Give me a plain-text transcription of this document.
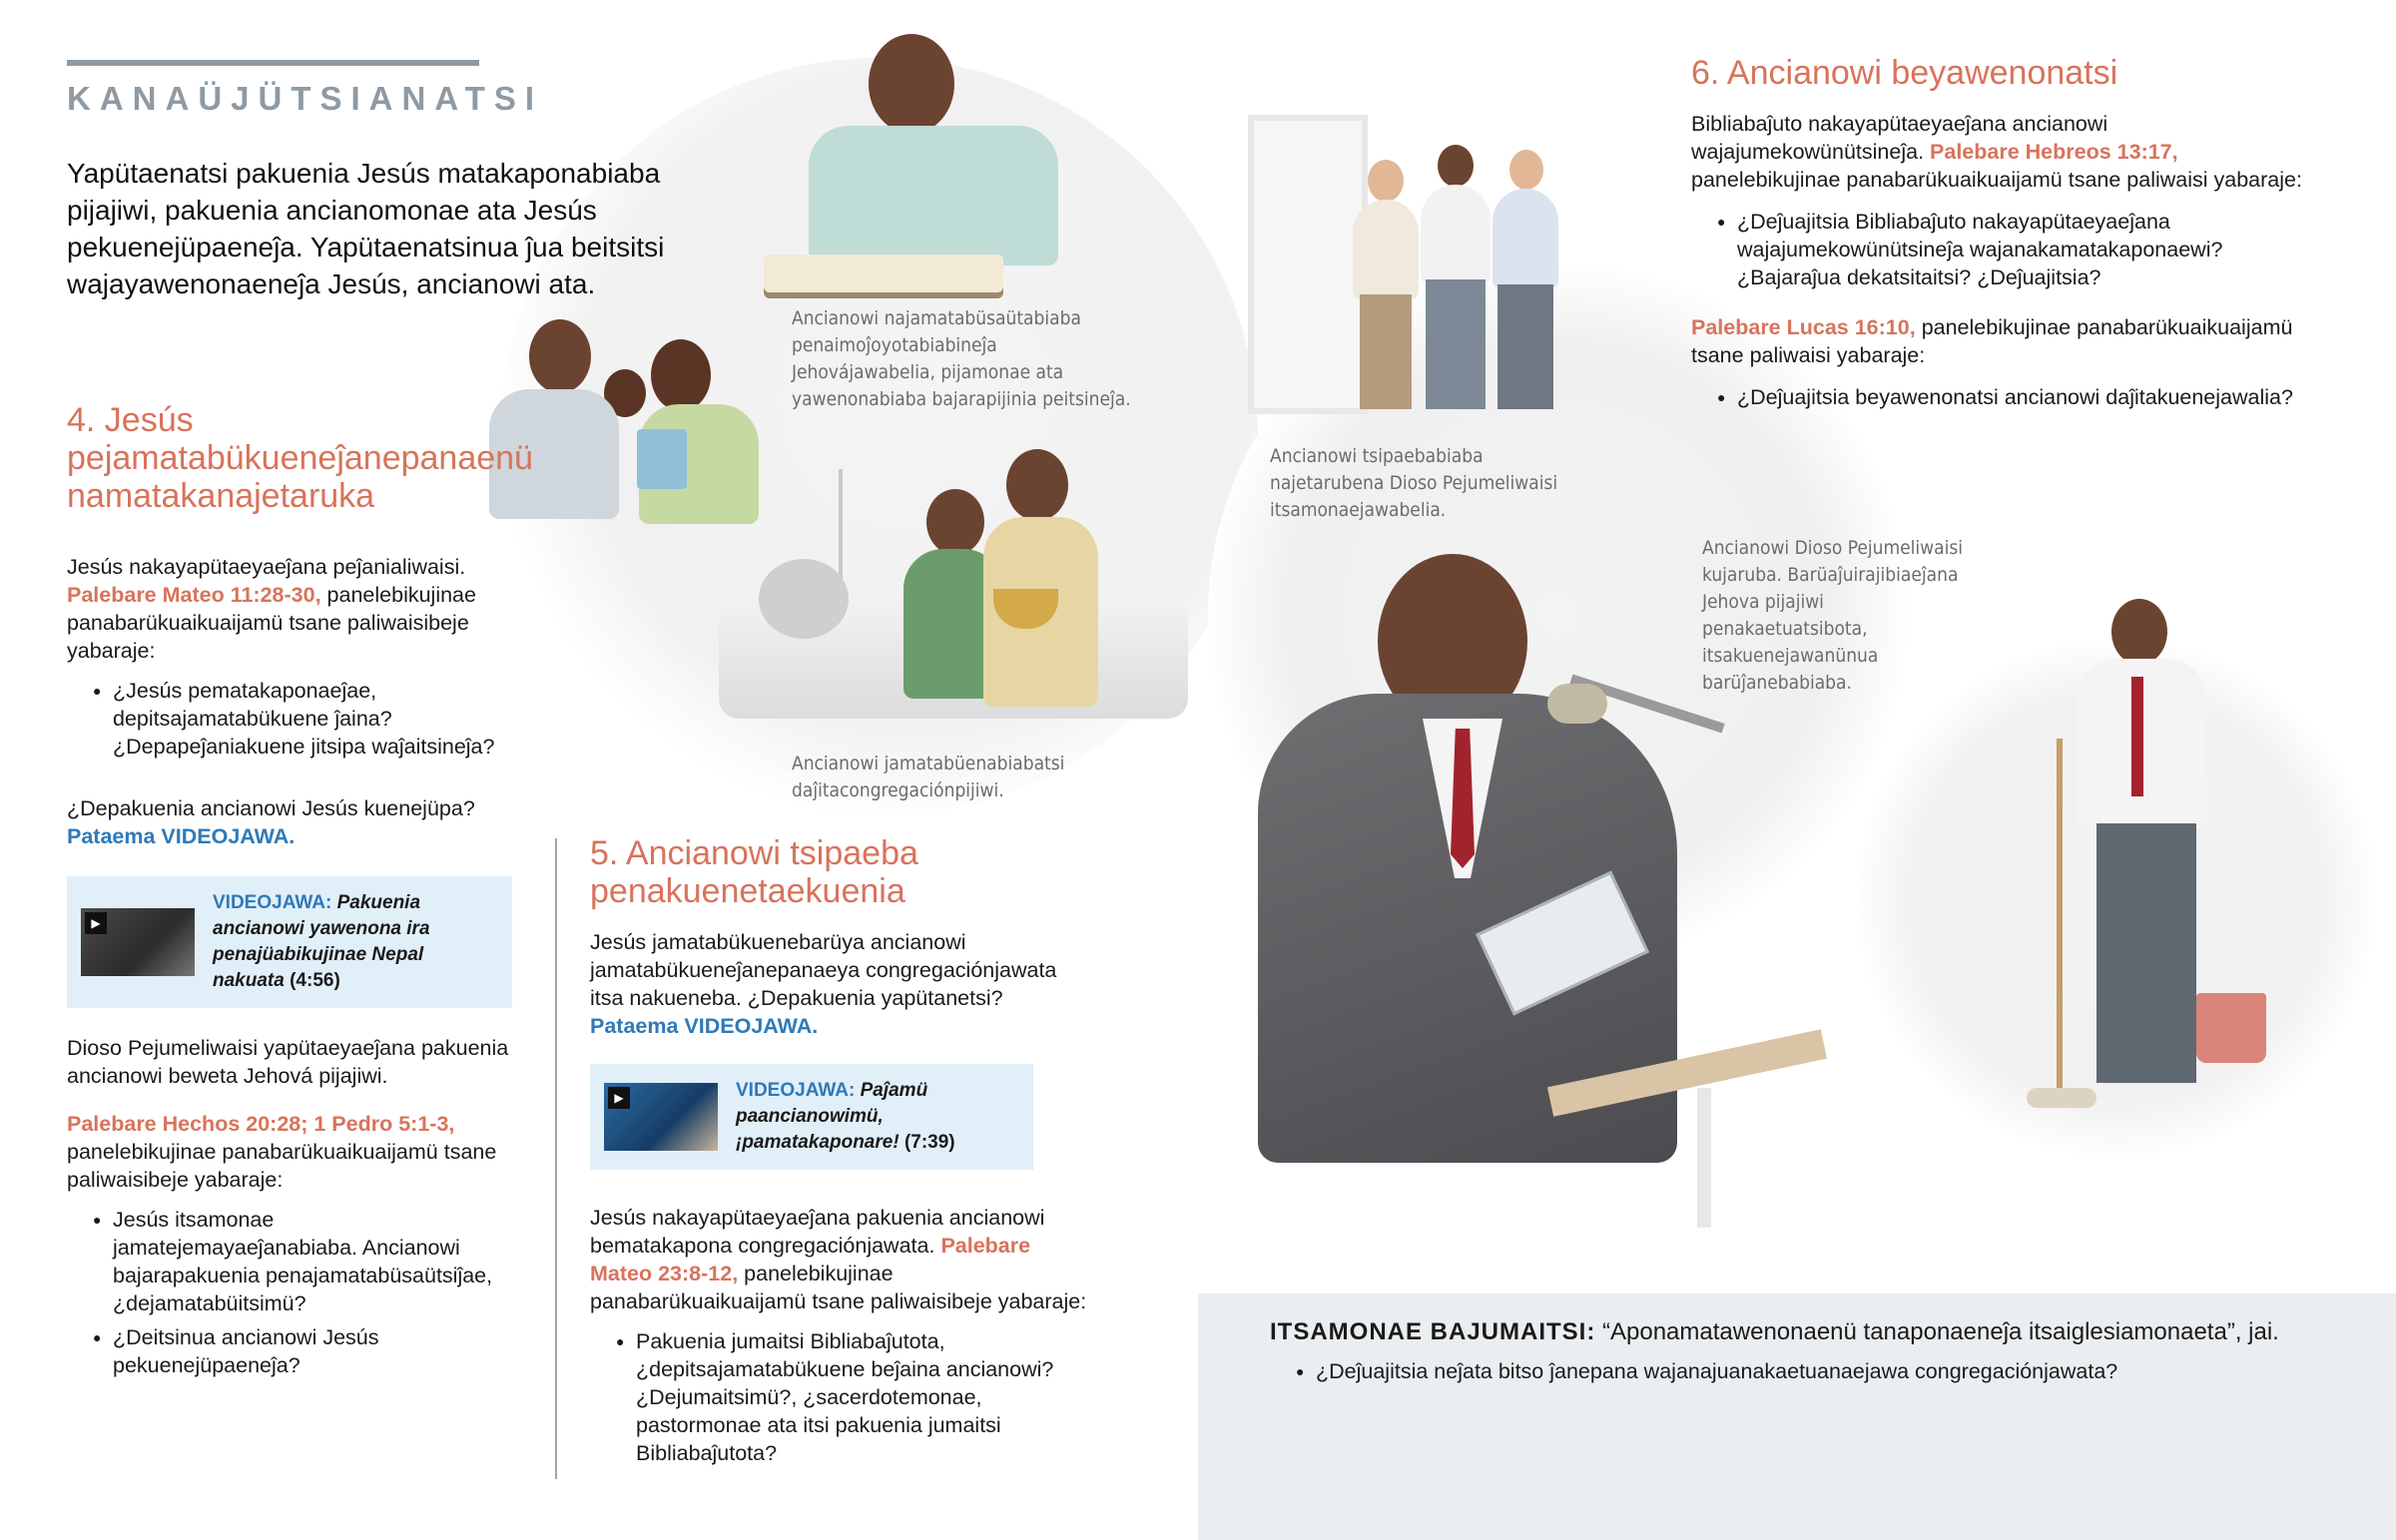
KANAÜJÜTSIANATSI
Yapütaenatsi pakuenia Jesús matakaponabiaba pijajiwi, pakuenia ancianomonae ata Jesús pekuenejüpaeneĵa. Yapütaenatsinua ĵua beitsitsi wajayawenonaeneĵa Jesús, ancianowi ata.
Ancianowi najamatabüsaütabiaba penaimoĵoyotabiabineĵa Jehovájawabelia, pijamonae ata yawenonabiaba bajarapijinia peitsineĵa.
Ancianowi jamatabüenabiabatsi daĵitacongregaciónpijiwi.
Ancianowi tsipaebabiaba najetarubena Dioso Pejumeliwaisi itsamonaejawabelia.
Ancianowi Dioso Pejumeliwaisi kujaruba. Barüaĵuirajibiaeĵana Jehova pijajiwi penakaetuatsibota, itsakuenejawanünua barüĵanebabiaba.
4. Jesús pejamatabükueneĵanepanaenü namatakanajetaruka

Jesús nakayapütaeyaeĵana peĵanialiwaisi. Palebare Mateo 11:28-30, panelebikujinae panabarükuaikuaijamü tsane paliwaisibeje yabaraje:

● ¿Jesús pematakaponaeĵae, depitsajamatabükuene ĵaina? ¿Depapeĵaniakuene jitsipa waĵaitsineĵa?

¿Depakuenia ancianowi Jesús kuenejüpa? Pataema VIDEOJAWA.

▶
VIDEOJAWA: Pakuenia ancianowi yawenona ira penajüabikujinae Nepal nakuata (4:56)

Dioso Pejumeliwaisi yapütaeyaeĵana pakuenia ancianowi beweta Jehová pijajiwi.

Palebare Hechos 20:28; 1 Pedro 5:1-3, panelebikujinae panabarükuaikuaijamü tsane paliwaisibeje yabaraje:

● Jesús itsamonae jamatejemayaeĵanabiaba. Ancianowi bajarapakuenia penajamatabüsaütsiĵae, ¿dejamatabüitsimü?
● ¿Deitsinua ancianowi Jesús pekuenejüpaeneĵa?
5. Ancianowi tsipaeba penakuenetaekuenia

Jesús jamatabükuenebarüya ancianowi jamatabükueneĵanepanaeya congregaciónjawata itsa nakueneba. ¿Depakuenia yapütanetsi? Pataema VIDEOJAWA.

▶	VIDEOJAWA: Paĵamü paancianowimü, ¡pamatakaponare! (7:39)

Jesús nakayapütaeyaeĵana pakuenia ancianowi bematakapona congregaciónjawata. Palebare Mateo 23:8-12, panelebikujinae panabarükuaikuaijamü tsane paliwaisibeje yabaraje:

● Pakuenia jumaitsi Bibliabaĵutota, ¿depitsajamatabükuene beĵaina ancianowi? ¿Dejumaitsimü?, ¿sacerdotemonae, pastormonae ata itsi pakuenia jumaitsi Bibliabaĵutota?
6. Ancianowi beyawenonatsi

Bibliabaĵuto nakayapütaeyaeĵana ancianowi wajajumekowünütsineĵa. Palebare Hebreos 13:17, panelebikujinae panabarükuaikuaijamü tsane paliwaisi yabaraje:

● ¿Deĵuajitsia Bibliabaĵuto nakayapütaeyaeĵana wajajumekowünütsineĵa wajanakamatakaponaewi? ¿Bajaraĵua dekatsitaitsi? ¿Deĵuajitsia?

Palebare Lucas 16:10, panelebikujinae panabarükuaikuaijamü tsane paliwaisi yabaraje:

● ¿Deĵuajitsia beyawenonatsi ancianowi daĵitakuenejawalia?
ITSAMONAE BAJUMAITSI: “Aponamatawenonaenü tanaponaeneĵa itsaiglesiamonaeta”, jai.
● ¿Deĵuajitsia neĵata bitso ĵanepana wajanajuanakaetuanaejawa congregaciónjawata?
